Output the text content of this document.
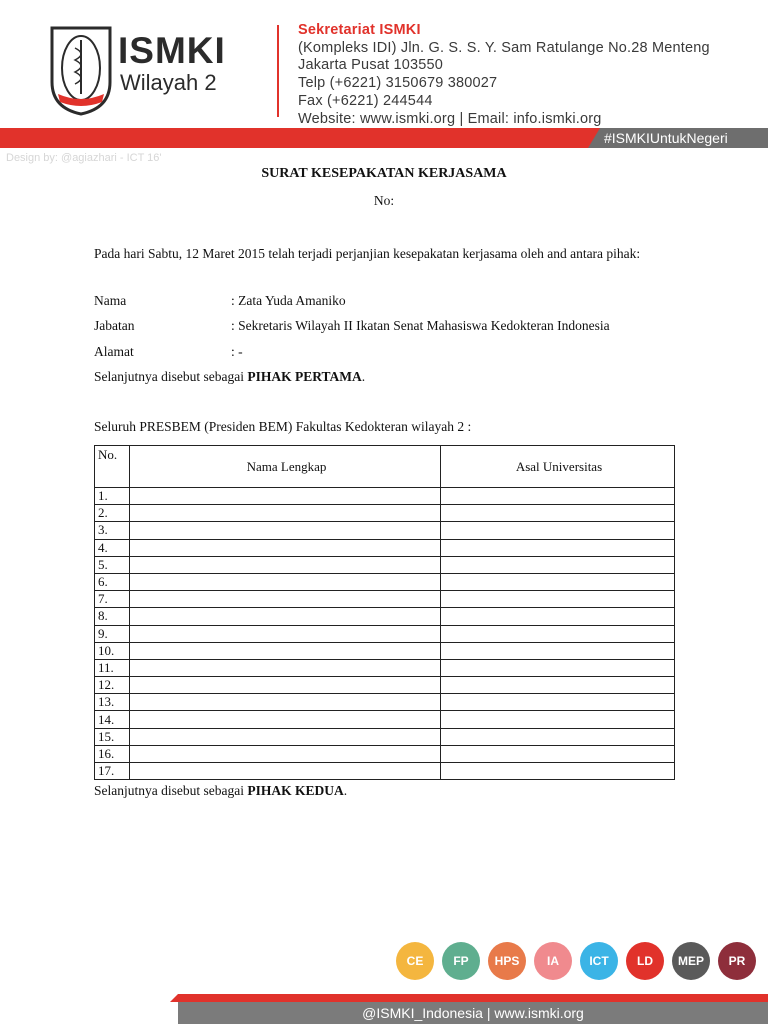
ISMKI
Wilayah 2
Sekretariat ISMKI
(Kompleks IDI) Jln. G. S. S. Y. Sam Ratulange No.28 Menteng
Jakarta Pusat 103550
Telp (+6221) 3150679 380027
Fax (+6221) 244544
Website: www.ismki.org | Email: info.ismki.org
#ISMKIUntukNegeri
Design by: @agiazhari - ICT 16'
SURAT KESEPAKATAN KERJASAMA
No:
Pada hari Sabtu, 12 Maret 2015 telah terjadi perjanjian kesepakatan kerjasama oleh and antara pihak:
Nama	: Zata Yuda Amaniko
Jabatan	: Sekretaris Wilayah II Ikatan Senat Mahasiswa Kedokteran Indonesia
Alamat	: -
Selanjutnya disebut sebagai PIHAK PERTAMA.
Seluruh PRESBEM (Presiden BEM) Fakultas Kedokteran wilayah 2 :
No.	Nama Lengkap	Asal Universitas
1.		
2.		
3.		
4.		
5.		
6.		
7.		
8.		
9.		
10.		
11.		
12.		
13.		
14.		
15.		
16.		
17.		
Selanjutnya disebut sebagai PIHAK KEDUA.
CE	FP	HPS	IA	ICT	LD	MEP	PR
@ISMKI_Indonesia | www.ismki.org
